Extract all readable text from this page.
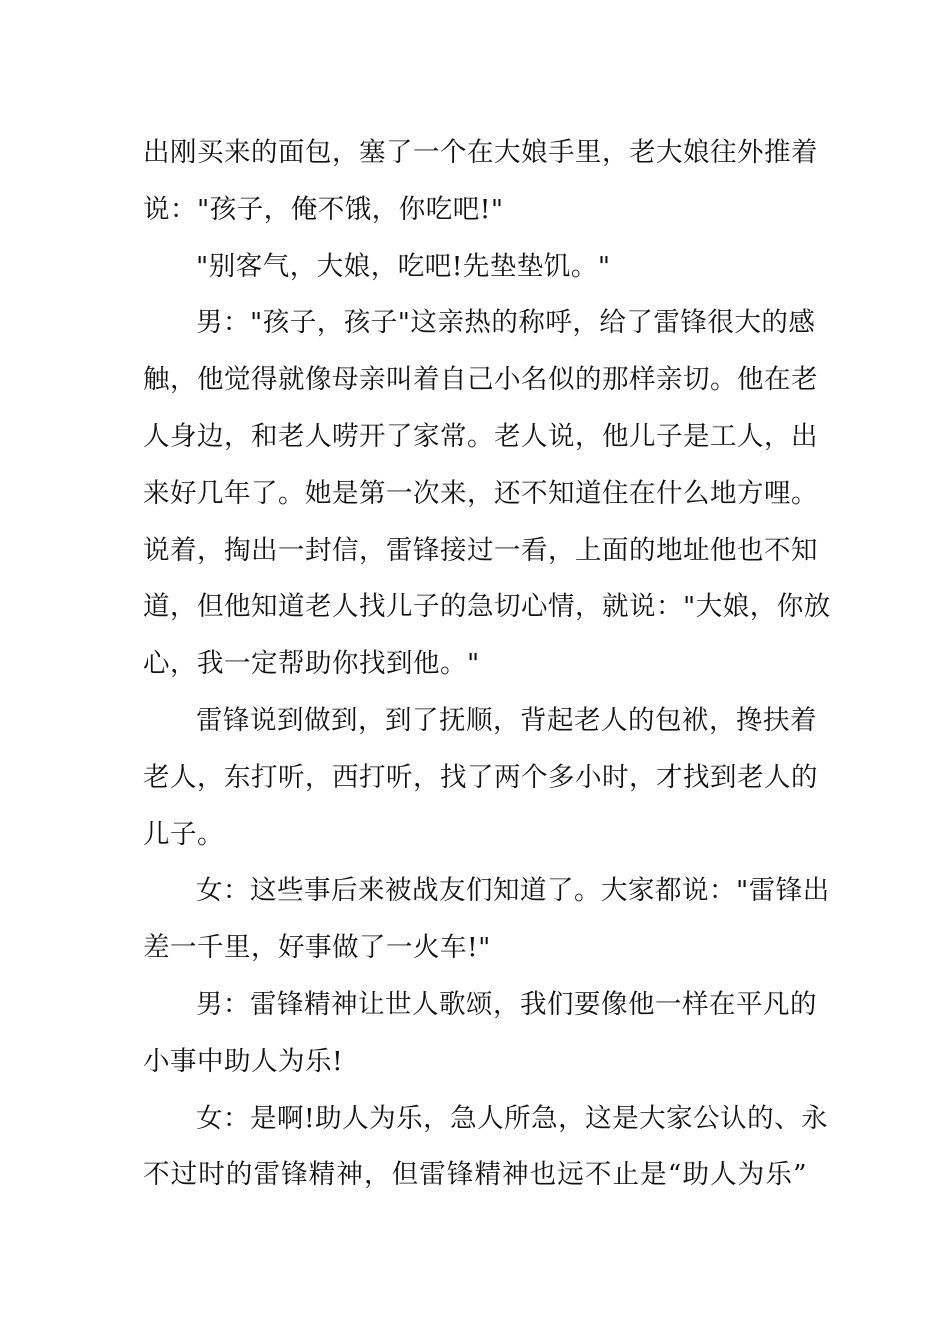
出刚买来的面包，塞了一个在大娘手里，老大娘往外推着
说："孩子，俺不饿，你吃吧!"
"别客气，大娘，吃吧!先垫垫饥。"
男："孩子，孩子"这亲热的称呼，给了雷锋很大的感
触，他觉得就像母亲叫着自己小名似的那样亲切。他在老
人身边，和老人唠开了家常。老人说，他儿子是工人，出
来好几年了。她是第一次来，还不知道住在什么地方哩。
说着，掏出一封信，雷锋接过一看，上面的地址他也不知
道，但他知道老人找儿子的急切心情，就说："大娘，你放
心，我一定帮助你找到他。"
雷锋说到做到，到了抚顺，背起老人的包袱，搀扶着
老人，东打听，西打听，找了两个多小时，才找到老人的
儿子。
女：这些事后来被战友们知道了。大家都说："雷锋出
差一千里，好事做了一火车!"
男：雷锋精神让世人歌颂，我们要像他一样在平凡的
小事中助人为乐!
女：是啊!助人为乐，急人所急，这是大家公认的、永
不过时的雷锋精神，但雷锋精神也远不止是“助人为乐”
